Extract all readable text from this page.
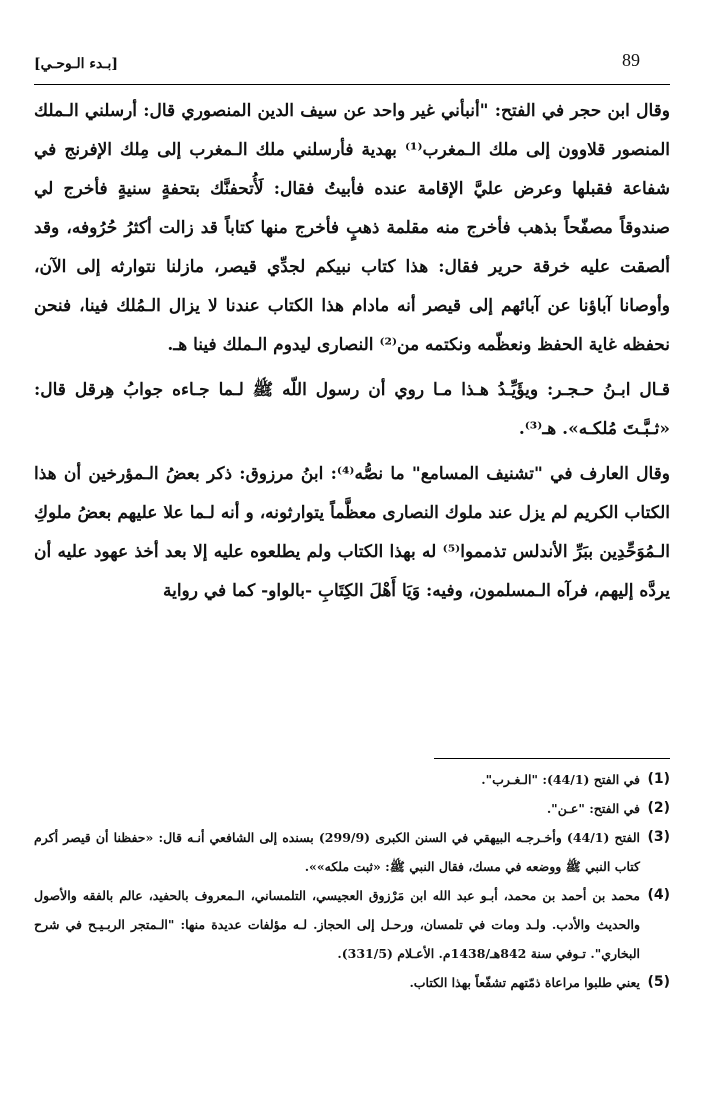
89
[بـدء الـوحـي]

وقال ابن حجر في الفتح: "أنبأني غير واحد عن سيف الدين المنصوري قال: أرسلني الـملك المنصور قلاوون إلى ملك الـمغرب⁽¹⁾ بهدية فأرسلني ملك الـمغرب إلى مِلك الإفرنج في شفاعة فقبلها وعرض عليَّ الإقامة عنده فأبيتُ فقال: لَأُتحفنَّك بتحفةٍ سنيةٍ فأخرج لي صندوقاً مصفّحاً بذهب فأخرج منه مقلمة ذهبٍ فأخرج منها كتاباً قد زالت أكثرُ حُرُوفه، وقد ألصقت عليه خرقة حرير فقال: هذا كتاب نبيكم لجدِّي قيصر، مازلنا نتوارثه إلى الآن، وأوصانا آباؤنا عن آبائهم إلى قيصر أنه مادام هذا الكتاب عندنا لا يزال الـمُلك فينا، فنحن نحفظه غاية الحفظ ونعظّمه ونكتمه من⁽²⁾ النصارى ليدوم الـملك فينا هـ.

قـال ابـنُ حـجـر: ويؤَيِّـدُ هـذا مـا روي أن رسول اللّه ﷺ لـما جـاءه جوابُ هِرقل قال: «ثـبَّـتَ مُلكـه». هـ⁽³⁾.

وقال العارف في "تشنيف المسامع" ما نصُّه⁽⁴⁾: ابنُ مرزوق: ذكر بعضُ الـمؤرخين أن هذا الكتاب الكريم لم يزل عند ملوك النصارى معظَّماً يتوارثونه، و أنه لـما علا عليهم بعضُ ملوكِ الـمُوَحِّدِين ببَرِّ الأندلس تذمموا⁽⁵⁾ له بهذا الكتاب ولم يطلعوه عليه إلا بعد أخذ عهود عليه أن يردَّه إليهم، فرآه الـمسلمون، وفيه: وَيَا أَهْلَ الكِتَابِ -بالواو- كما في رواية

(1)
في الفتح (44/1): "الـغـرب".
(2)
في الفتح: "عـن".
(3)
الفتح (44/1) وأخـرجـه البيهقي في السنن الكبرى (299/9) بسنده إلى الشافعي أنـه قال: «حفظنا أن قيصر أكرم كتاب النبي ﷺ ووضعه في مسك، فقال النبي ﷺ: «ثبت ملكه»».
(4)
محمد بن أحمد بن محمد، أبـو عبد الله ابن مَرْزوق العجيسي، التلمساني، الـمعروف بالحفيد، عالم بالفقه والأصول والحديث والأدب. ولـد ومات في تلمسان، ورحـل إلى الحجاز. لـه مؤلفات عديدة منها: "الـمتجر الربـيـح في شرح البخاري". تـوفي سنة 842هـ/1438م. الأعـلام (331/5).
(5)
يعني طلبوا مراعاة ذمّتهم تشفّعاً بهذا الكتاب.
